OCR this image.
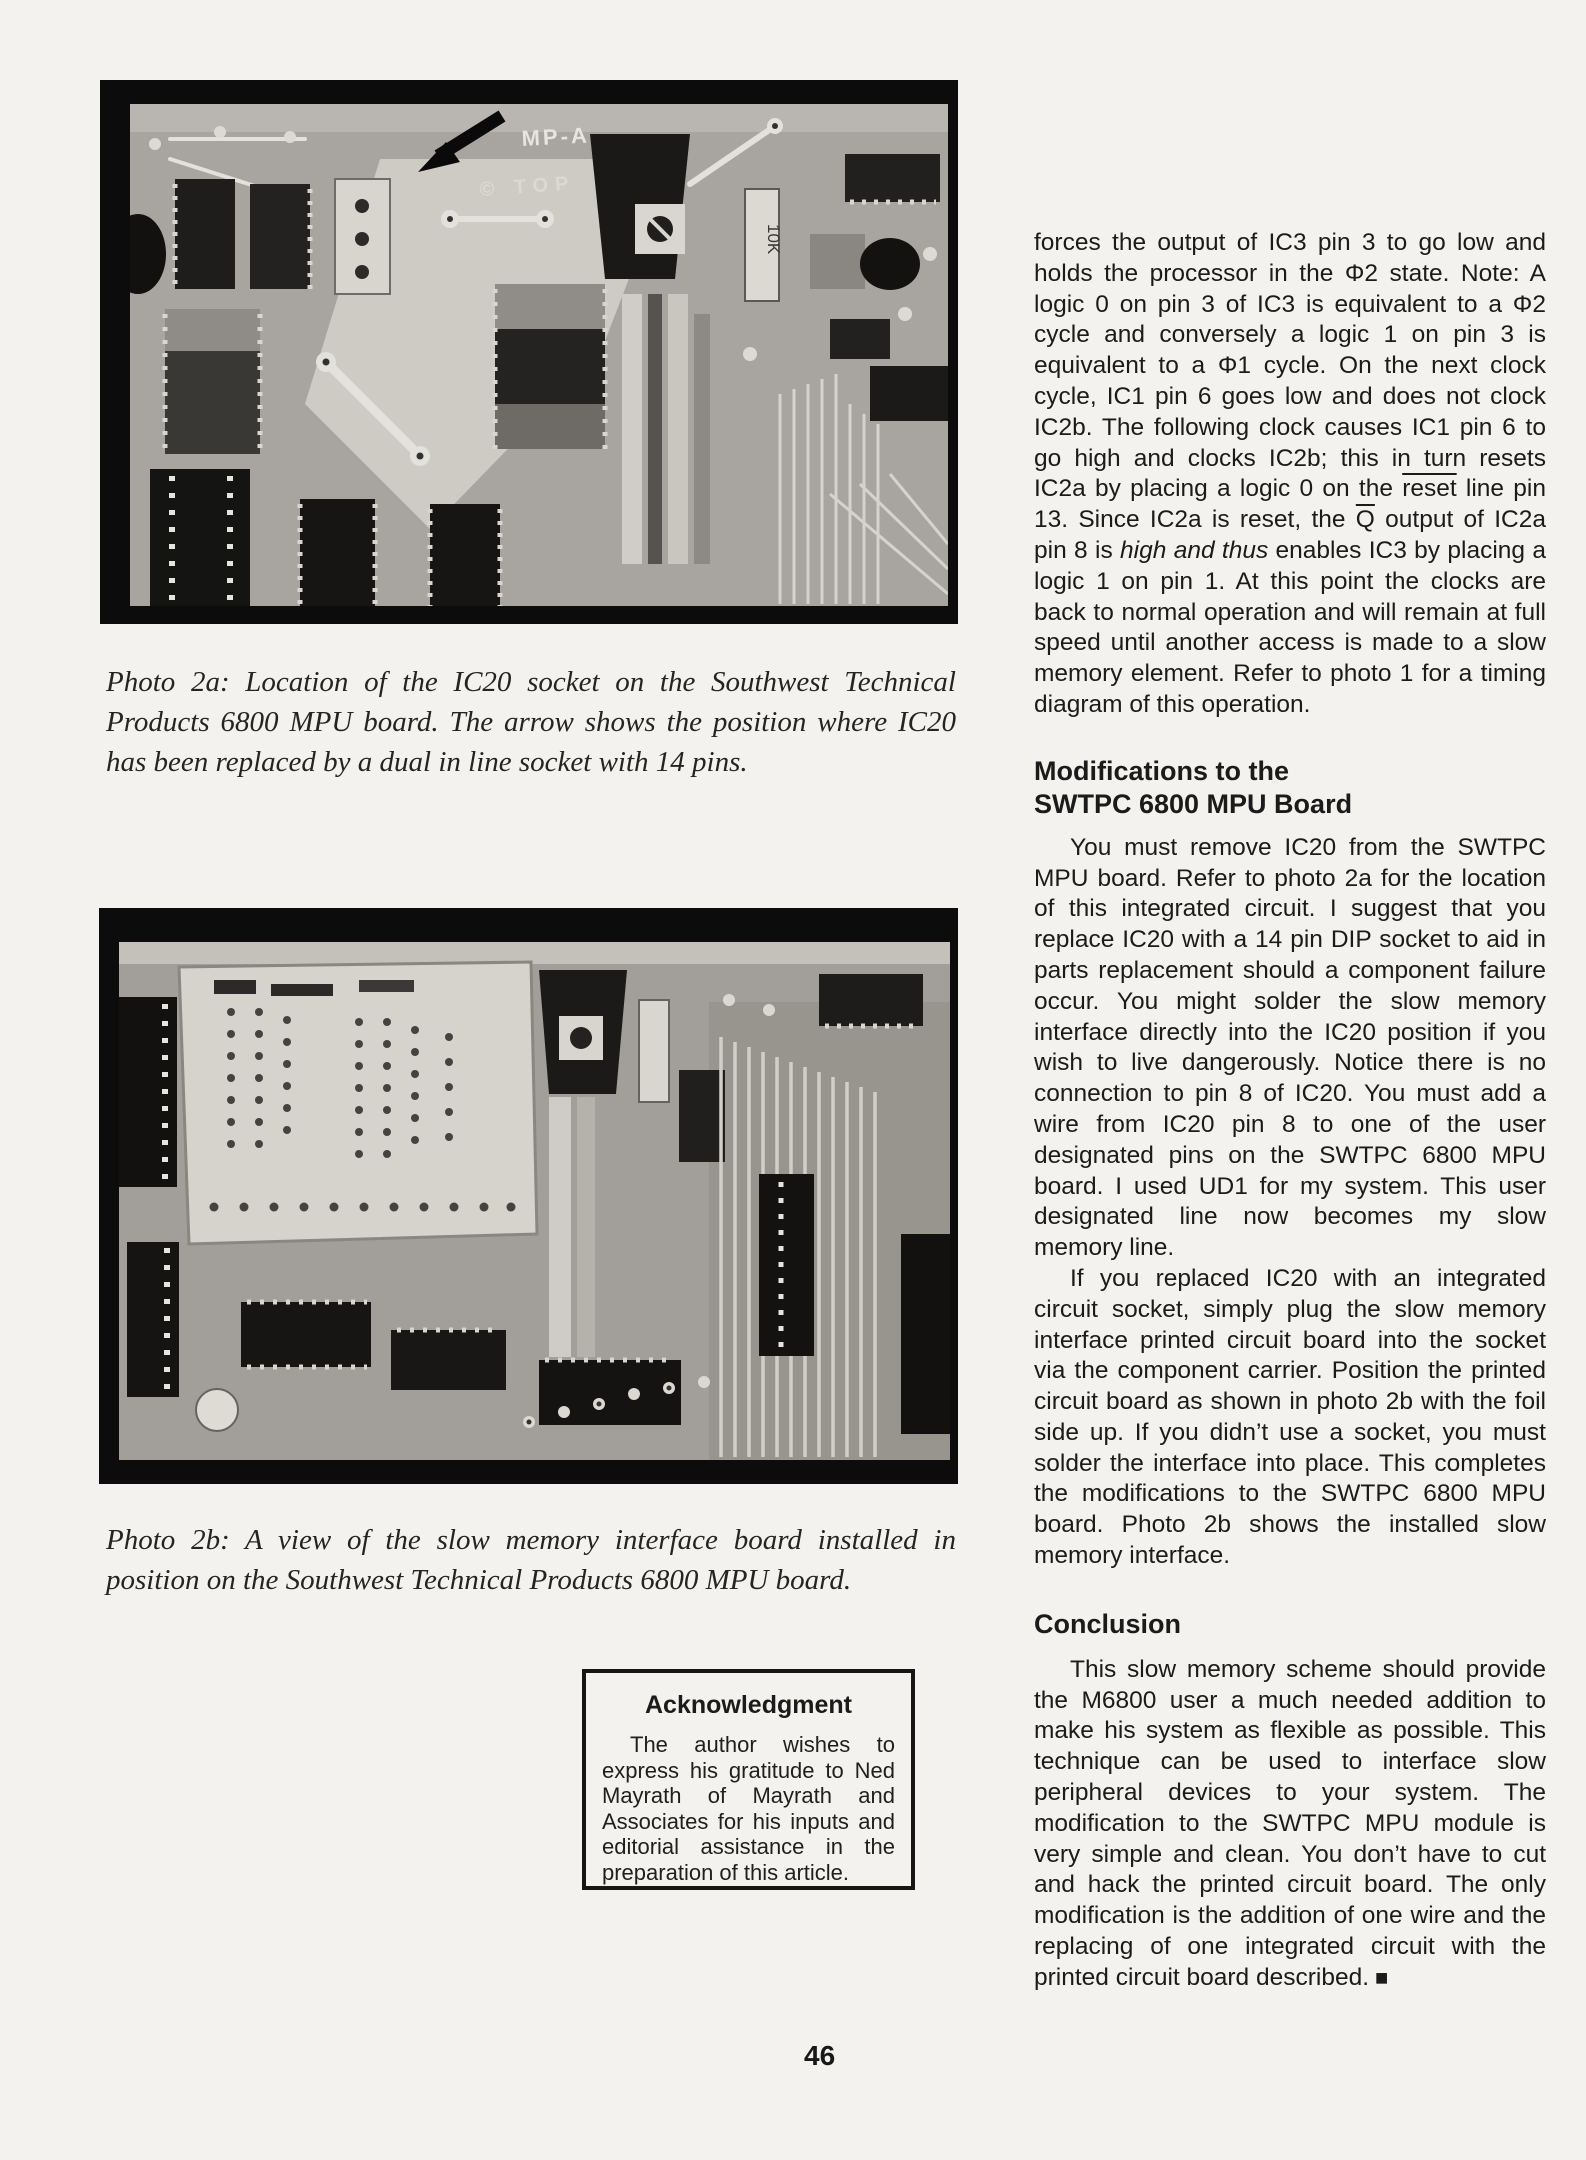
10K
MP-A
© TOP

Photo 2a: Location of the IC20 socket on the Southwest Technical Products 6800 MPU board. The arrow shows the position where IC20 has been replaced by a dual in line socket with 14 pins.

Photo 2b: A view of the slow memory interface board installed in position on the Southwest Technical Products 6800 MPU board.

Acknowledgment

The author wishes to express his gratitude to Ned Mayrath of Mayrath and Associates for his inputs and editorial assistance in the preparation of this article.

forces the output of IC3 pin 3 to go low and holds the processor in the Φ2 state. Note: A logic 0 on pin 3 of IC3 is equivalent to a Φ2 cycle and conversely a logic 1 on pin 3 is equivalent to a Φ1 cycle. On the next clock cycle, IC1 pin 6 goes low and does not clock IC2b. The following clock causes IC1 pin 6 to go high and clocks IC2b; this in turn resets IC2a by placing a logic 0 on the reset line pin 13. Since IC2a is reset, the $\overline{Q}$ output of IC2a pin 8 is high and thus enables IC3 by placing a logic 1 on pin 1. At this point the clocks are back to normal operation and will remain at full speed until another access is made to a slow memory element. Refer to photo 1 for a timing diagram of this operation.

Modifications to the
SWTPC 6800 MPU Board

You must remove IC20 from the SWTPC MPU board. Refer to photo 2a for the location of this integrated circuit. I suggest that you replace IC20 with a 14 pin DIP socket to aid in parts replacement should a component failure occur. You might solder the slow memory interface directly into the IC20 position if you wish to live dangerously. Notice there is no connection to pin 8 of IC20. You must add a wire from IC20 pin 8 to one of the user designated pins on the SWTPC 6800 MPU board. I used UD1 for my system. This user designated line now becomes my slow memory line.

If you replaced IC20 with an integrated circuit socket, simply plug the slow memory interface printed circuit board into the socket via the component carrier. Position the printed circuit board as shown in photo 2b with the foil side up. If you didn’t use a socket, you must solder the interface into place. This completes the modifications to the SWTPC 6800 MPU board. Photo 2b shows the installed slow memory interface.

Conclusion

This slow memory scheme should provide the M6800 user a much needed addition to make his system as flexible as possible. This technique can be used to interface slow peripheral devices to your system. The modification to the SWTPC MPU module is very simple and clean. You don’t have to cut and hack the printed circuit board. The only modification is the addition of one wire and the replacing of one integrated circuit with the printed circuit board described. ■

46
